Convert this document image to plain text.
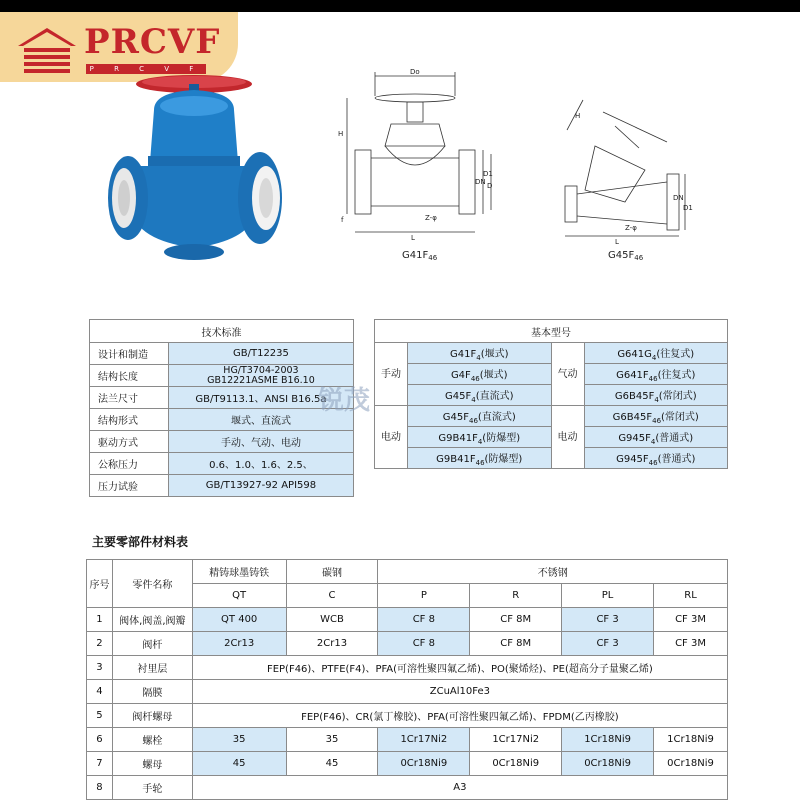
PRCVF
P R C V F	Do
H
DN
D1
D
Z-φ
f
L
$G41F_{46}$
H
DN
D1
Z-φ
L
$G45F_{46}$
技术标准	
设计和制造	GB/T12235
结构长度	HG/T3704-2003
GB12221ASME B16.10
法兰尺寸	GB/T9113.1、ANSI B16.5a
结构形式	堰式、直流式
驱动方式	手动、气动、电动
公称压力	0.6、1.0、1.6、2.5、
压力试验	GB/T13927-92 API598
基本型号			
手动	$G41F_4$(堰式)	气动	$G641G_4$(往复式)
	$G4F_{46}$(堰式)		$G641F_{46}$(往复式)
	$G45F_4$(直流式)		$G6B45F_4$(常闭式)
电动	$G45F_{46}$(直流式)	电动	$G6B45F_{46}$(常闭式)
	$G9B41F_4$(防爆型)		$G945F_4$(普通式)
	$G9B41F_{46}$(防爆型)		$G945F_{46}$(普通式)
锐茂
主要零部件材料表
序号	零件名称	精铸球墨铸铁	碳钢	不锈钢			
		QT	C	P	R	PL	RL
1	阀体,阀盖,阀瓣	QT 400	WCB	CF 8	CF 8M	CF 3	CF 3M
2	阀杆	2Cr13	2Cr13	CF 8	CF 8M	CF 3	CF 3M
3	衬里层	FEP(F46)、PTFE(F4)、PFA(可溶性聚四氟乙烯)、PO(聚烯烃)、PE(超高分子量聚乙烯)					
4	隔膜	ZCuAl10Fe3					
5	阀杆螺母	FEP(F46)、CR(氯丁橡胶)、PFA(可溶性聚四氟乙烯)、FPDM(乙丙橡胶)					
6	螺栓	35	35	1Cr17Ni2	1Cr17Ni2	1Cr18Ni9	1Cr18Ni9
7	螺母	45	45	0Cr18Ni9	0Cr18Ni9	0Cr18Ni9	0Cr18Ni9
8	手轮	A3					
